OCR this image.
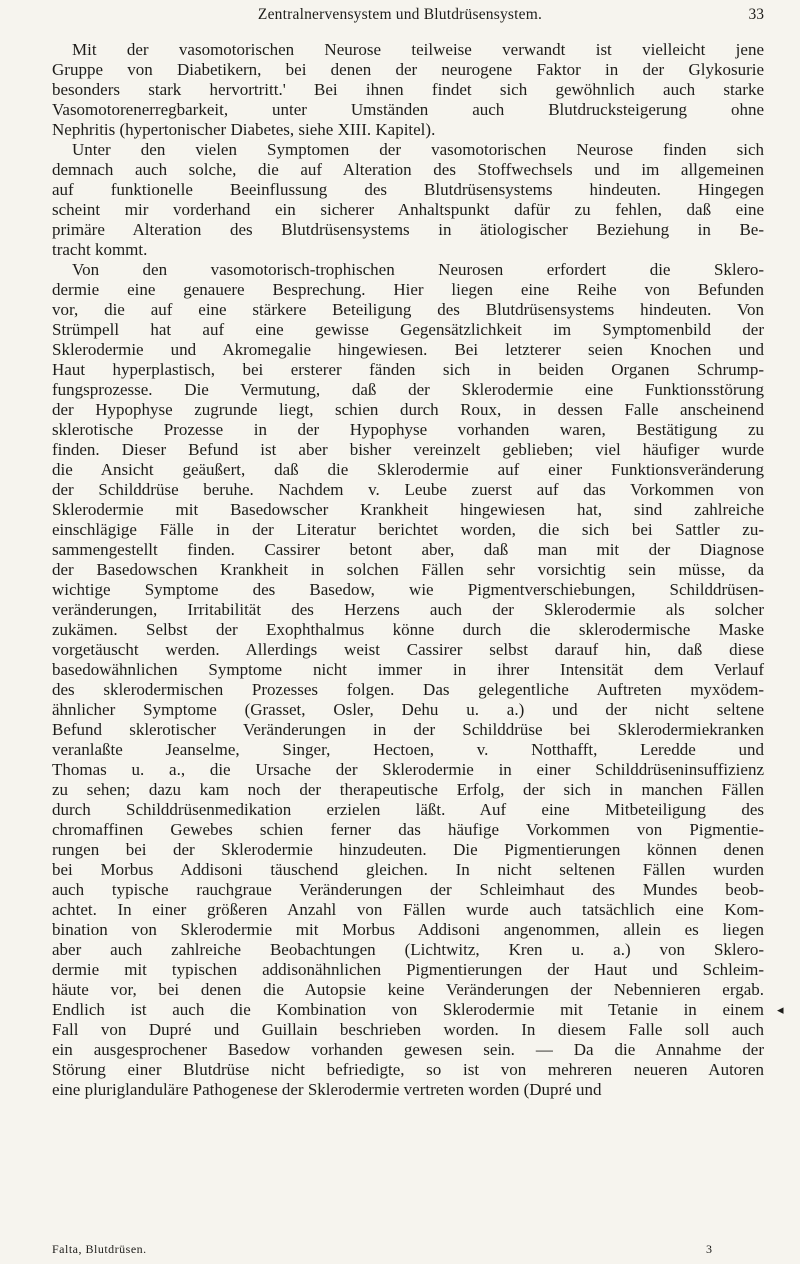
Zentralnervensystem und Blutdrüsensystem.	33
Mit der vasomotorischen Neurose teilweise verwandt ist vielleicht jene
Gruppe von Diabetikern, bei denen der neurogene Faktor in der Glykosurie
besonders stark hervortritt.' Bei ihnen findet sich gewöhnlich auch starke
Vasomotorenerregbarkeit, unter Umständen auch Blutdrucksteigerung ohne
Nephritis (hypertonischer Diabetes, siehe XIII. Kapitel).
Unter den vielen Symptomen der vasomotorischen Neurose finden sich
demnach auch solche, die auf Alteration des Stoffwechsels und im allgemeinen
auf funktionelle Beeinflussung des Blutdrüsensystems hindeuten. Hingegen
scheint mir vorderhand ein sicherer Anhaltspunkt dafür zu fehlen, daß eine
primäre Alteration des Blutdrüsensystems in ätiologischer Beziehung in Be-
tracht kommt.
Von den vasomotorisch-trophischen Neurosen erfordert die Sklero-
dermie eine genauere Besprechung. Hier liegen eine Reihe von Befunden
vor, die auf eine stärkere Beteiligung des Blutdrüsensystems hindeuten. Von
Strümpell hat auf eine gewisse Gegensätzlichkeit im Symptomenbild der
Sklerodermie und Akromegalie hingewiesen. Bei letzterer seien Knochen und
Haut hyperplastisch, bei ersterer fänden sich in beiden Organen Schrump-
fungsprozesse. Die Vermutung, daß der Sklerodermie eine Funktionsstörung
der Hypophyse zugrunde liegt, schien durch Roux, in dessen Falle anscheinend
sklerotische Prozesse in der Hypophyse vorhanden waren, Bestätigung zu
finden. Dieser Befund ist aber bisher vereinzelt geblieben; viel häufiger wurde
die Ansicht geäußert, daß die Sklerodermie auf einer Funktionsveränderung
der Schilddrüse beruhe. Nachdem v. Leube zuerst auf das Vorkommen von
Sklerodermie mit Basedowscher Krankheit hingewiesen hat, sind zahlreiche
einschlägige Fälle in der Literatur berichtet worden, die sich bei Sattler zu-
sammengestellt finden. Cassirer betont aber, daß man mit der Diagnose
der Basedowschen Krankheit in solchen Fällen sehr vorsichtig sein müsse, da
wichtige Symptome des Basedow, wie Pigmentverschiebungen, Schilddrüsen-
veränderungen, Irritabilität des Herzens auch der Sklerodermie als solcher
zukämen. Selbst der Exophthalmus könne durch die sklerodermische Maske
vorgetäuscht werden. Allerdings weist Cassirer selbst darauf hin, daß diese
basedowähnlichen Symptome nicht immer in ihrer Intensität dem Verlauf
des sklerodermischen Prozesses folgen. Das gelegentliche Auftreten myxödem-
ähnlicher Symptome (Grasset, Osler, Dehu u. a.) und der nicht seltene
Befund sklerotischer Veränderungen in der Schilddrüse bei Sklerodermiekranken
veranlaßte Jeanselme, Singer, Hectoen, v. Notthafft, Leredde und
Thomas u. a., die Ursache der Sklerodermie in einer Schilddrüseninsuffizienz
zu sehen; dazu kam noch der therapeutische Erfolg, der sich in manchen Fällen
durch Schilddrüsenmedikation erzielen läßt. Auf eine Mitbeteiligung des
chromaffinen Gewebes schien ferner das häufige Vorkommen von Pigmentie-
rungen bei der Sklerodermie hinzudeuten. Die Pigmentierungen können denen
bei Morbus Addisoni täuschend gleichen. In nicht seltenen Fällen wurden
auch typische rauchgraue Veränderungen der Schleimhaut des Mundes beob-
achtet. In einer größeren Anzahl von Fällen wurde auch tatsächlich eine Kom-
bination von Sklerodermie mit Morbus Addisoni angenommen, allein es liegen
aber auch zahlreiche Beobachtungen (Lichtwitz, Kren u. a.) von Sklero-
dermie mit typischen addisonähnlichen Pigmentierungen der Haut und Schleim-
häute vor, bei denen die Autopsie keine Veränderungen der Nebennieren ergab.
Endlich ist auch die Kombination von Sklerodermie mit Tetanie in einem
Fall von Dupré und Guillain beschrieben worden. In diesem Falle soll auch
ein ausgesprochener Basedow vorhanden gewesen sein. — Da die Annahme der
Störung einer Blutdrüse nicht befriedigte, so ist von mehreren neueren Autoren
eine pluriglanduläre Pathogenese der Sklerodermie vertreten worden (Dupré und
◂
Falta, Blutdrüsen.	3
